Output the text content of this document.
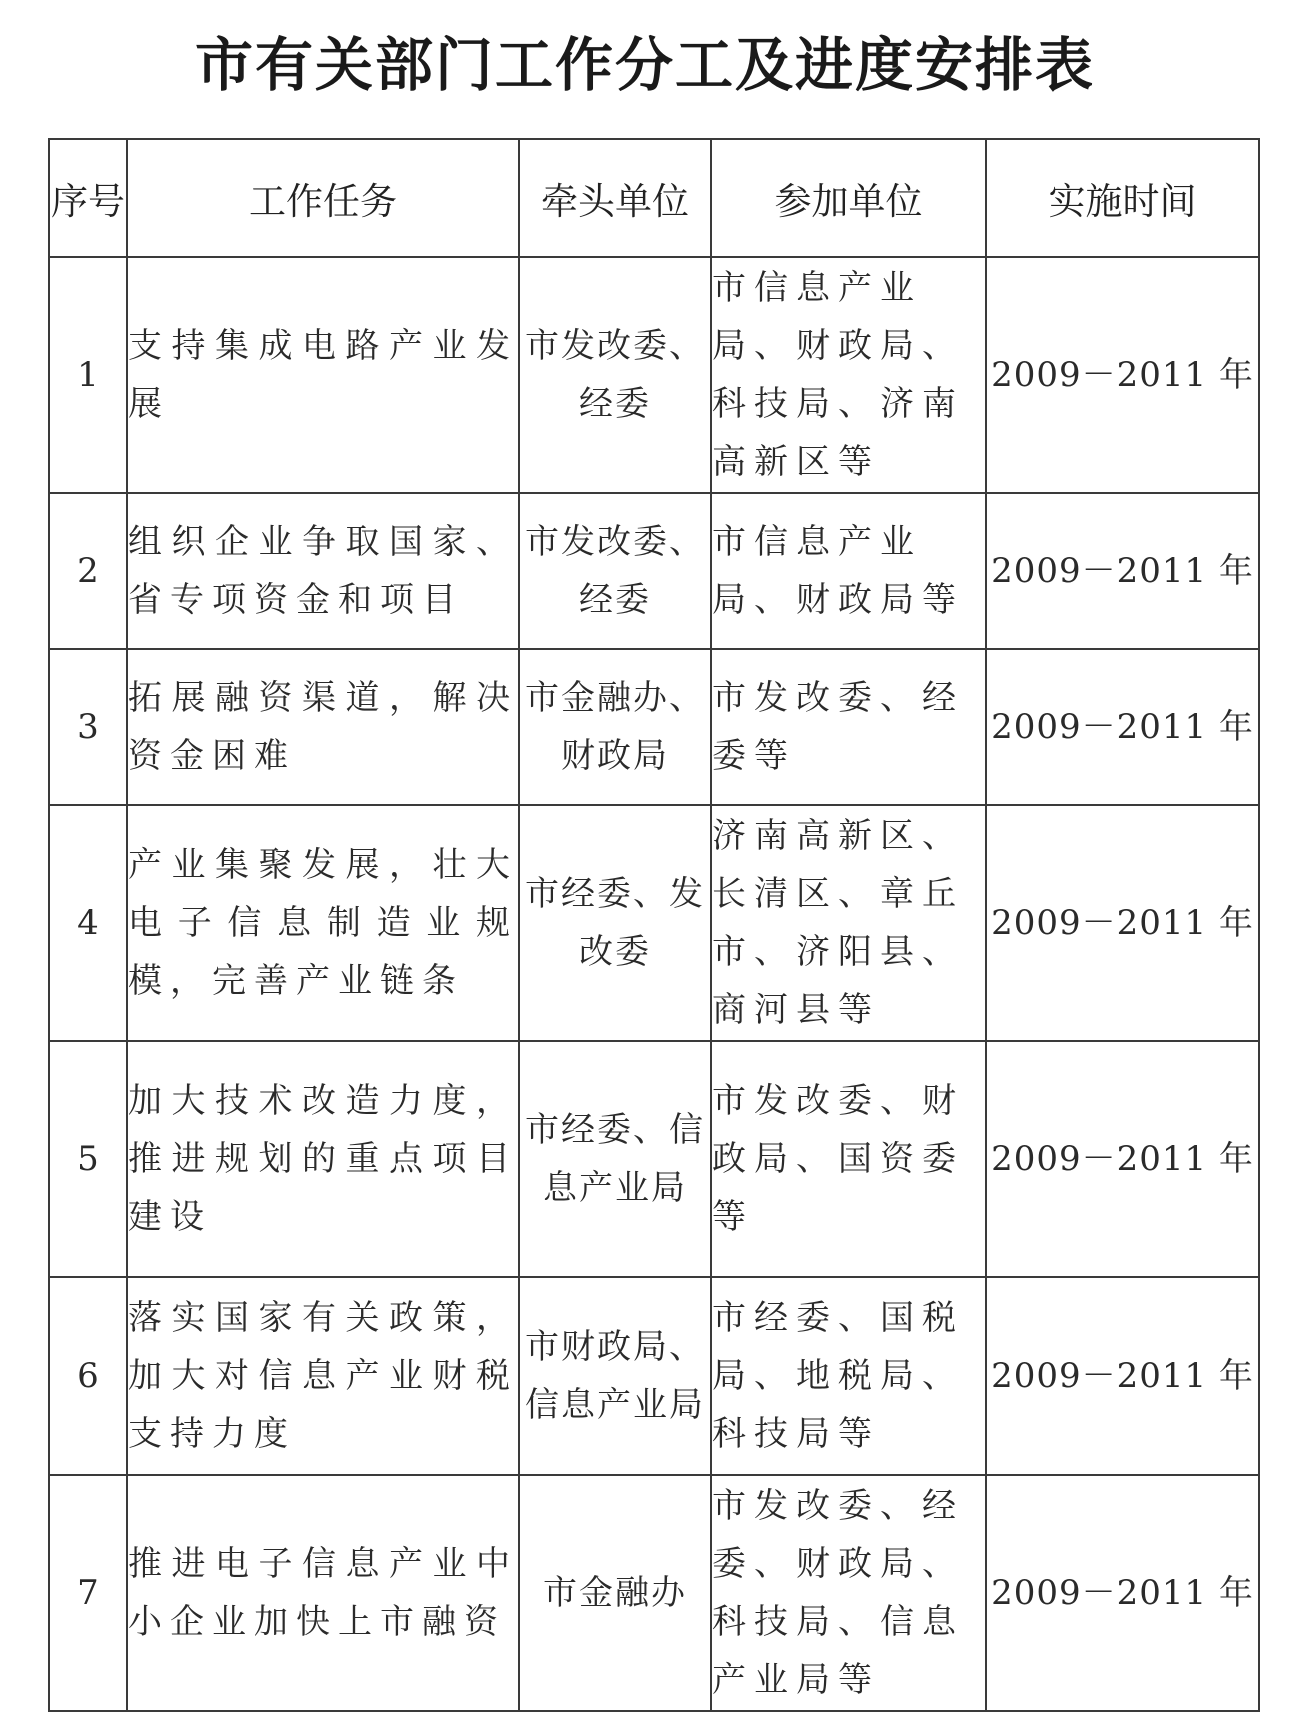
市有关部门工作分工及进度安排表
序号	工作任务	牵头单位	参加单位	实施时间
1	支持集成电路产业发展	市发改委、经委	市信息产业局、财政局、科技局、济南高新区等	2009－2011 年
2	组织企业争取国家、省专项资金和项目	市发改委、经委	市信息产业局、财政局等	2009－2011 年
3	拓展融资渠道，解决资金困难	市金融办、财政局	市发改委、经委等	2009－2011 年
4	产业集聚发展，壮大电子信息制造业规模，完善产业链条	市经委、发改委	济南高新区、长清区、章丘市、济阳县、商河县等	2009－2011 年
5	加大技术改造力度，推进规划的重点项目建设	市经委、信息产业局	市发改委、财政局、国资委等	2009－2011 年
6	落实国家有关政策，加大对信息产业财税支持力度	市财政局、信息产业局	市经委、国税局、地税局、科技局等	2009－2011 年
7	推进电子信息产业中小企业加快上市融资	市金融办	市发改委、经委、财政局、科技局、信息产业局等	2009－2011 年
